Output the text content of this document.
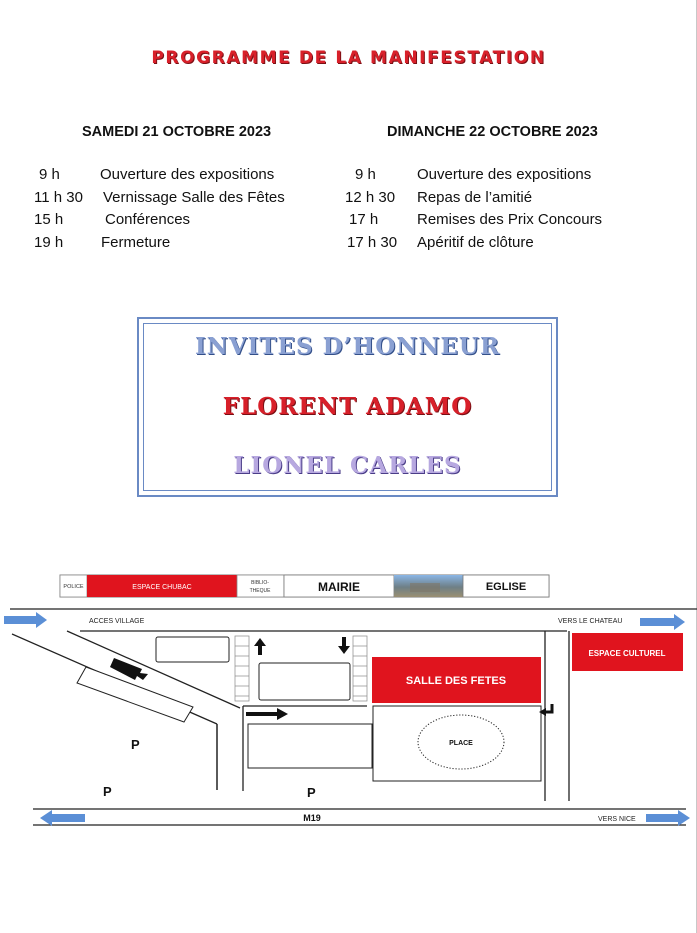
PROGRAMME DE LA MANIFESTATION
SAMEDI 21 OCTOBRE 2023	DIMANCHE 22 OCTOBRE 2023
9 h	Ouverture des expositions
11 h 30 Vernissage Salle des Fêtes
15 h	Conférences
19 h	Fermeture
9 h	Ouverture des expositions
12 h 30 Repas de l’amitié
17 h	Remises des Prix Concours
17 h 30 Apéritif de clôture
INVITES D’HONNEUR
FLORENT ADAMO
LIONEL CARLES
POLICE	ESPACE CHUBAC
BIBLIO-
THEQUE	MAIRIE	EGLISE
ACCES VILLAGE	VERS LE CHATEAU
SALLE DES FETES
PLACE
ESPACE CULTUREL
P
P	P
M19	VERS NICE
